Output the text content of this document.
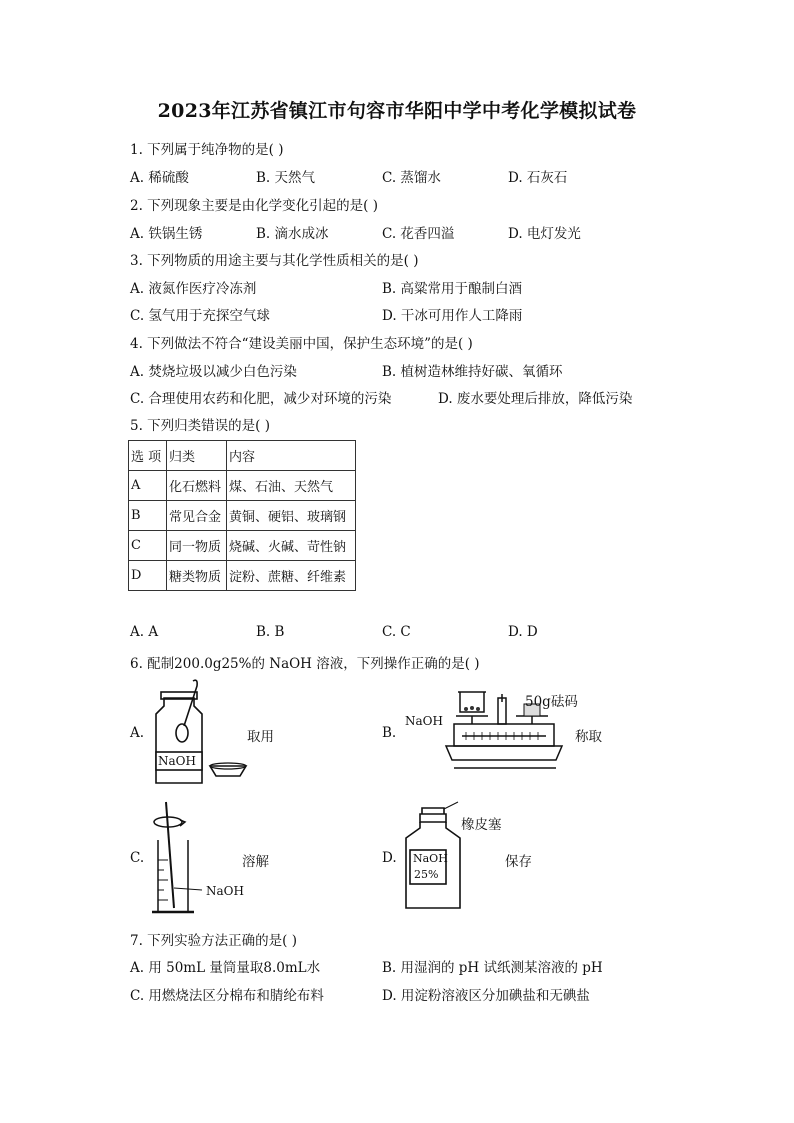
2023年江苏省镇江市句容市华阳中学中考化学模拟试卷
1. 下列属于纯净物的是( )
A. 稀硫酸	B. 天然气	C. 蒸馏水	D. 石灰石
2. 下列现象主要是由化学变化引起的是( )
A. 铁锅生锈	B. 滴水成冰	C. 花香四溢	D. 电灯发光
3. 下列物质的用途主要与其化学性质相关的是( )
A. 液氮作医疗冷冻剂	B. 高粱常用于酿制白酒
C. 氢气用于充探空气球	D. 干冰可用作人工降雨
4. 下列做法不符合“建设美丽中国，保护生态环境”的是( )
A. 焚烧垃圾以减少白色污染	B. 植树造林维持好碳、氧循环
C. 合理使用农药和化肥，减少对环境的污染	D. 废水要处理后排放，降低污染
5. 下列归类错误的是( )
选 项	归类	内容
A	化石燃料	煤、石油、天然气
B	常见合金	黄铜、硬铝、玻璃钢
C	同一物质	烧碱、火碱、苛性钠
D	糖类物质	淀粉、蔗糖、纤维素
A. A	B. B	C. C	D. D
6. 配制200.0g25%的 NaOH 溶液，下列操作正确的是( )
A.
NaOH
取用	B.
NaOH
50g砝码
称取
C.
NaOH
溶解	D. NaOH
25%
橡皮塞
保存
7. 下列实验方法正确的是( )
A. 用 50mL 量筒量取8.0mL水	B. 用湿润的 pH 试纸测某溶液的 pH
C. 用燃烧法区分棉布和腈纶布料	D. 用淀粉溶液区分加碘盐和无碘盐
